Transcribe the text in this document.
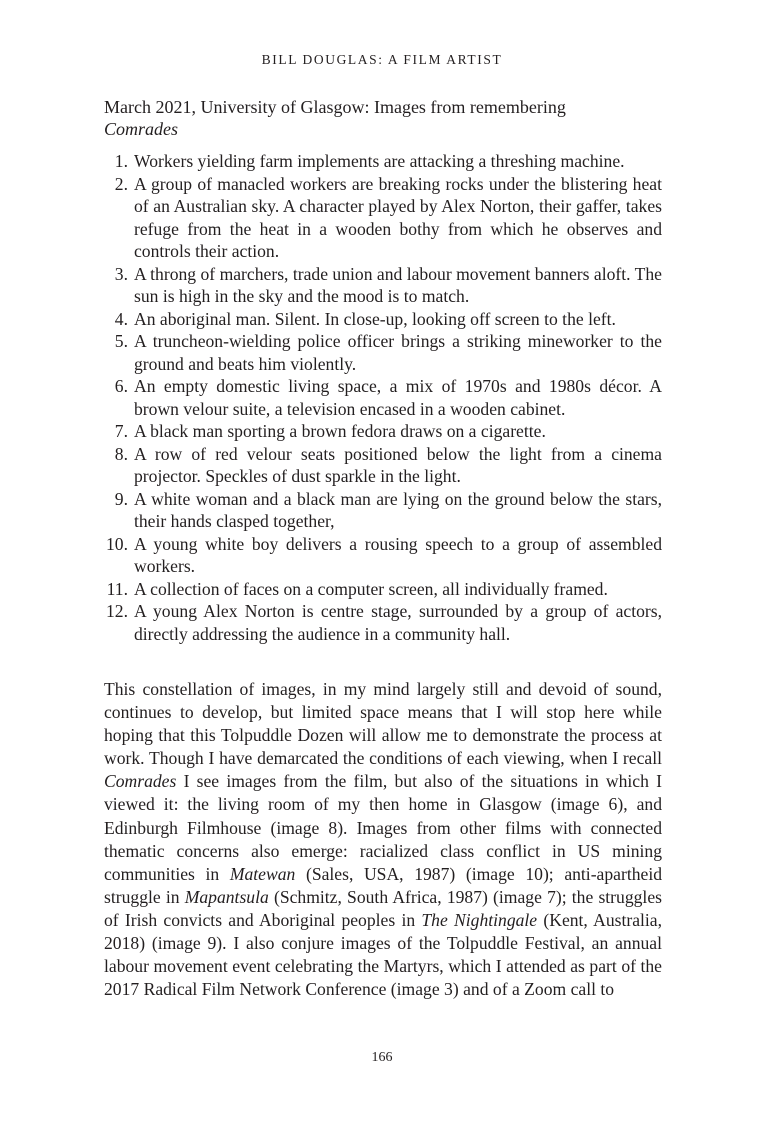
BILL DOUGLAS: A FILM ARTIST
March 2021, University of Glasgow: Images from remembering
Comrades
1. Workers yielding farm implements are attacking a threshing machine.
2. A group of manacled workers are breaking rocks under the blistering heat of an Australian sky. A character played by Alex Norton, their gaffer, takes refuge from the heat in a wooden bothy from which he observes and controls their action.
3. A throng of marchers, trade union and labour movement banners aloft. The sun is high in the sky and the mood is to match.
4. An aboriginal man. Silent. In close-up, looking off screen to the left.
5. A truncheon-wielding police officer brings a striking mineworker to the ground and beats him violently.
6. An empty domestic living space, a mix of 1970s and 1980s décor. A brown velour suite, a television encased in a wooden cabinet.
7. A black man sporting a brown fedora draws on a cigarette.
8. A row of red velour seats positioned below the light from a cinema projector. Speckles of dust sparkle in the light.
9. A white woman and a black man are lying on the ground below the stars, their hands clasped together,
10. A young white boy delivers a rousing speech to a group of assembled workers.
11. A collection of faces on a computer screen, all individually framed.
12. A young Alex Norton is centre stage, surrounded by a group of actors, directly addressing the audience in a community hall.

This constellation of images, in my mind largely still and devoid of sound, continues to develop, but limited space means that I will stop here while hoping that this Tolpuddle Dozen will allow me to demonstrate the process at work. Though I have demarcated the conditions of each viewing, when I recall Comrades I see images from the film, but also of the situations in which I viewed it: the living room of my then home in Glasgow (image 6), and Edinburgh Filmhouse (image 8). Images from other films with connected thematic concerns also emerge: racialized class conflict in US mining communities in Matewan (Sales, USA, 1987) (image 10); anti-apartheid struggle in Mapantsula (Schmitz, South Africa, 1987) (image 7); the struggles of Irish convicts and Aboriginal peoples in The Nightingale (Kent, Australia, 2018) (image 9). I also conjure images of the Tolpuddle Festival, an annual labour movement event celebrating the Martyrs, which I attended as part of the 2017 Radical Film Network Conference (image 3) and of a Zoom call to

166
